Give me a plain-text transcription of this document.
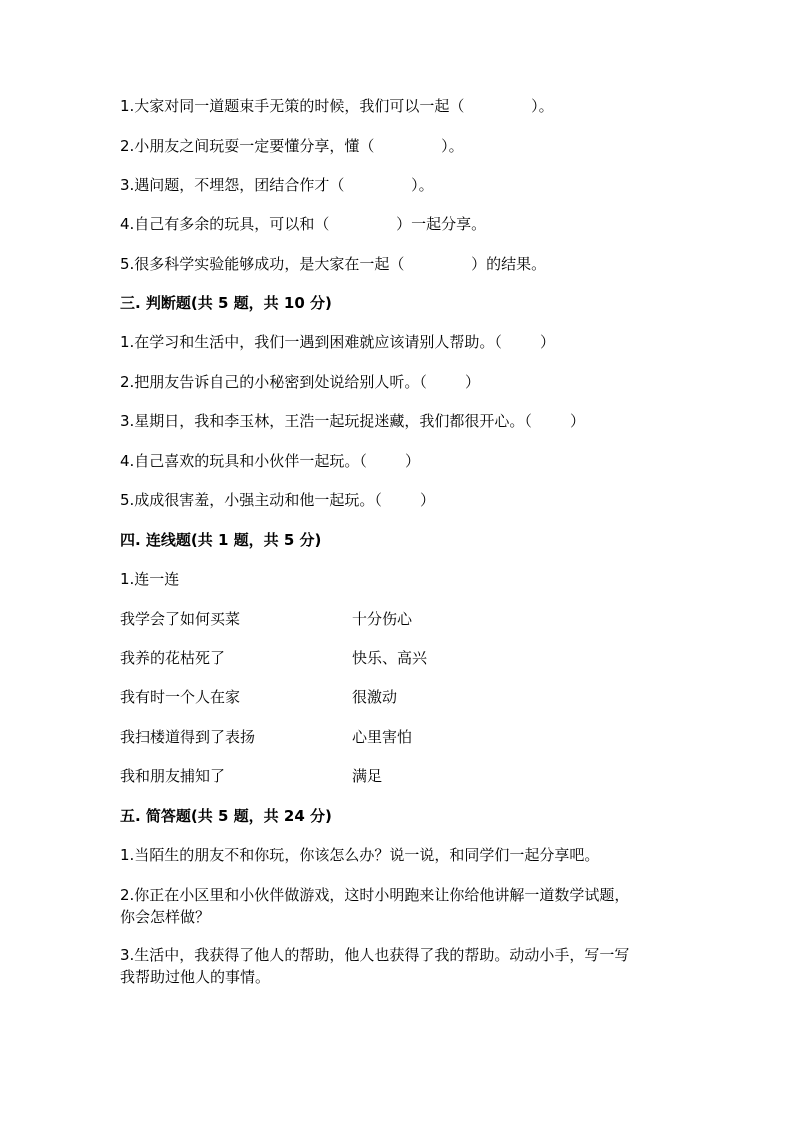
1.大家对同一道题束手无策的时候，我们可以一起（              ）。

2.小朋友之间玩耍一定要懂分享，懂（              ）。

3.遇问题，不埋怨，团结合作才（              ）。

4.自己有多余的玩具，可以和（              ）一起分享。

5.很多科学实验能够成功，是大家在一起（              ）的结果。

三. 判断题(共 5 题，共 10 分)

1.在学习和生活中，我们一遇到困难就应该请别人帮助。（        ）

2.把朋友告诉自己的小秘密到处说给别人听。（        ）

3.星期日，我和李玉林，王浩一起玩捉迷藏，我们都很开心。（        ）

4.自己喜欢的玩具和小伙伴一起玩。（        ）

5.成成很害羞，小强主动和他一起玩。（        ）

四. 连线题(共 1 题，共 5 分)

1.连一连

我学会了如何买菜	十分伤心

我养的花枯死了	快乐、高兴

我有时一个人在家	很激动

我扫楼道得到了表扬	心里害怕

我和朋友捕知了	满足

五. 简答题(共 5 题，共 24 分)

1.当陌生的朋友不和你玩，你该怎么办？说一说，和同学们一起分享吧。

2.你正在小区里和小伙伴做游戏，这时小明跑来让你给他讲解一道数学试题，
你会怎样做？
3.生活中，我获得了他人的帮助，他人也获得了我的帮助。动动小手，写一写
我帮助过他人的事情。
